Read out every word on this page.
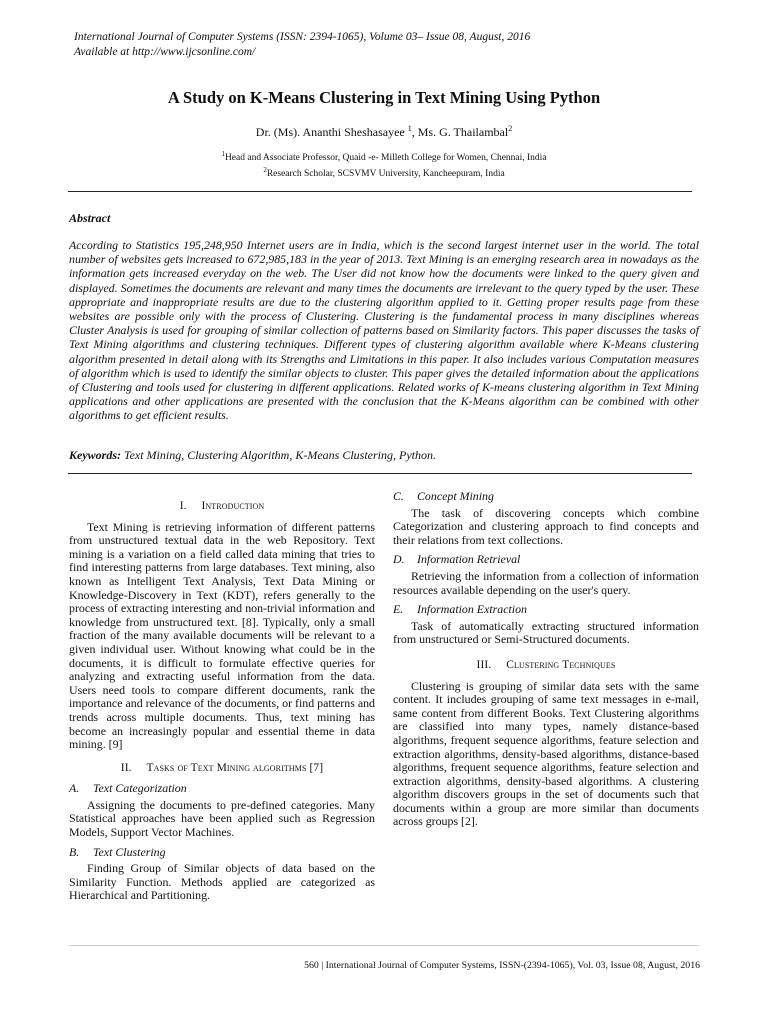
International Journal of Computer Systems (ISSN: 2394-1065), Volume 03– Issue 08, August, 2016
Available at http://www.ijcsonline.com/
A Study on K-Means Clustering in Text Mining Using Python
Dr. (Ms). Ananthi Sheshasayee $^1$, Ms. G. Thailambal$^2$
$^1$Head and Associate Professor, Quaid -e- Milleth College for Women, Chennai, India
$^2$Research Scholar, SCSVMV University, Kancheepuram, India
Abstract
According to Statistics 195,248,950 Internet users are in India, which is the second largest internet user in the world. The total number of websites gets increased to 672,985,183 in the year of 2013. Text Mining is an emerging research area in nowadays as the information gets increased everyday on the web. The User did not know how the documents were linked to the query given and displayed. Sometimes the documents are relevant and many times the documents are irrelevant to the query typed by the user. These appropriate and inappropriate results are due to the clustering algorithm applied to it. Getting proper results page from these websites are possible only with the process of Clustering. Clustering is the fundamental process in many disciplines whereas Cluster Analysis is used for grouping of similar collection of patterns based on Similarity factors. This paper discusses the tasks of Text Mining algorithms and clustering techniques. Different types of clustering algorithm available where K-Means clustering algorithm presented in detail along with its Strengths and Limitations in this paper. It also includes various Computation measures of algorithm which is used to identify the similar objects to cluster. This paper gives the detailed information about the applications of Clustering and tools used for clustering in different applications. Related works of K-means clustering algorithm in Text Mining applications and other applications are presented with the conclusion that the K-Means algorithm can be combined with other algorithms to get efficient results.
Keywords: Text Mining, Clustering Algorithm, K-Means Clustering, Python.
I. Introduction

Text Mining is retrieving information of different patterns from unstructured textual data in the web Repository. Text mining is a variation on a field called data mining that tries to find interesting patterns from large databases. Text mining, also known as Intelligent Text Analysis, Text Data Mining or Knowledge-Discovery in Text (KDT), refers generally to the process of extracting interesting and non-trivial information and knowledge from unstructured text. [8]. Typically, only a small fraction of the many available documents will be relevant to a given individual user. Without knowing what could be in the documents, it is difficult to formulate effective queries for analyzing and extracting useful information from the data. Users need tools to compare different documents, rank the importance and relevance of the documents, or find patterns and trends across multiple documents. Thus, text mining has become an increasingly popular and essential theme in data mining. [9]

II. Tasks of Text Mining algorithms [7]
A. Text Categorization

Assigning the documents to pre-defined categories. Many Statistical approaches have been applied such as Regression Models, Support Vector Machines.

B. Text Clustering

Finding Group of Similar objects of data based on the Similarity Function. Methods applied are categorized as Hierarchical and Partitioning.

C. Concept Mining

The task of discovering concepts which combine Categorization and clustering approach to find concepts and their relations from text collections.

D. Information Retrieval

Retrieving the information from a collection of information resources available depending on the user's query.

E. Information Extraction

Task of automatically extracting structured information from unstructured or Semi-Structured documents.

III. Clustering Techniques

Clustering is grouping of similar data sets with the same content. It includes grouping of same text messages in e-mail, same content from different Books. Text Clustering algorithms are classified into many types, namely distance-based algorithms, frequent sequence algorithms, feature selection and extraction algorithms, density-based algorithms, distance-based algorithms, frequent sequence algorithms, feature selection and extraction algorithms, density-based algorithms. A clustering algorithm discovers groups in the set of documents such that documents within a group are more similar than documents across groups [2].

560 | International Journal of Computer Systems, ISSN-(2394-1065), Vol. 03, Issue 08, August, 2016
